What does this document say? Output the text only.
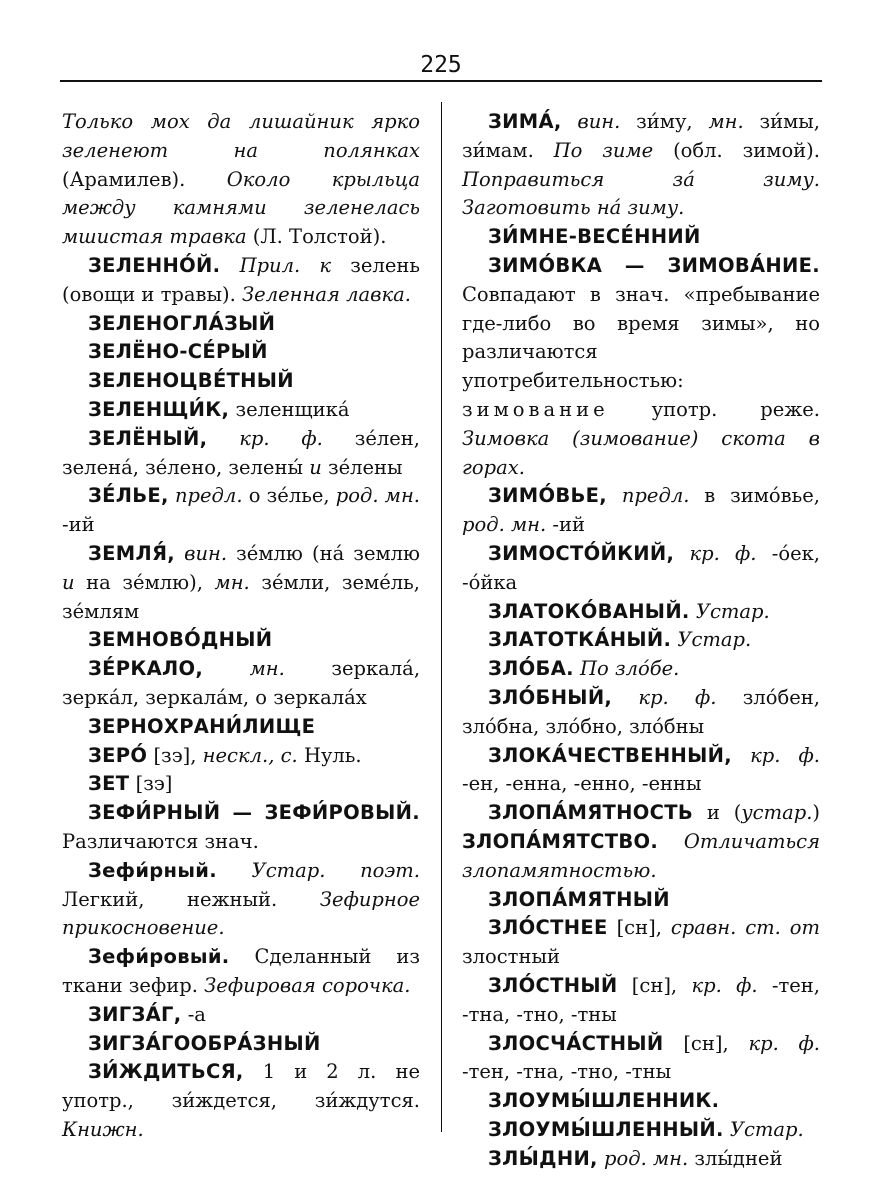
225

Только мох да лишайник ярко зеленеют на полянках (Арамилев). Около крыльца между камнями зеленелась мшистая травка (Л. Толстой).

ЗЕЛЕННО́Й. Прил. к зелень (овощи и травы). Зеленная лавка.

ЗЕЛЕНОГЛА́ЗЫЙ

ЗЕЛЁНО-СЕ́РЫЙ

ЗЕЛЕНОЦВЕ́ТНЫЙ

ЗЕЛЕНЩИ́К, зеленщика́

ЗЕЛЁНЫЙ, кр. ф. зе́лен, зелена́, зе́лено, зелены́ и зе́лены

ЗЕ́ЛЬЕ, предл. о зе́лье, род. мн. -ий

ЗЕМЛЯ́, вин. зе́млю (на́ землю и на зе́млю), мн. зе́мли, земе́ль, зе́млям

ЗЕМНОВО́ДНЫЙ

ЗЕ́РКАЛО, мн. зеркала́, зерка́л, зеркала́м, о зеркала́х

ЗЕРНОХРАНИ́ЛИЩЕ

ЗЕРО́ [зэ], нескл., с. Нуль.

ЗЕТ [зэ]

ЗЕФИ́РНЫЙ — ЗЕФИ́РОВЫЙ. Различаются знач.

Зефи́рный. Устар. поэт. Легкий, нежный. Зефирное прикосновение.

Зефи́ровый. Сделанный из ткани зефир. Зефировая сорочка.

ЗИГЗА́Г, -а

ЗИГЗА́ГООБРА́ЗНЫЙ

ЗИ́ЖДИТЬСЯ, 1 и 2 л. не употр., зи́ждется, зи́ждутся. Книжн.

ЗИМА́, вин. зи́му, мн. зи́мы, зи́мам. По зиме (обл. зимой). Поправиться за́ зиму. Заготовить на́ зиму.

ЗИ́МНЕ-ВЕСЕ́ННИЙ

ЗИМО́ВКА — ЗИМОВА́НИЕ. Совпадают в знач. «пребывание где-либо во время зимы», но различаются употребительностью: зимование употр. реже. Зимовка (зимование) скота в горах.

ЗИМО́ВЬЕ, предл. в зимо́вье, род. мн. -ий

ЗИМОСТО́ЙКИЙ, кр. ф. -о́ек, -о́йка

ЗЛАТОКО́ВАНЫЙ. Устар.

ЗЛАТОТКА́НЫЙ. Устар.

ЗЛО́БА. По зло́бе.

ЗЛО́БНЫЙ, кр. ф. зло́бен, зло́бна, зло́бно, зло́бны

ЗЛОКА́ЧЕСТВЕННЫЙ, кр. ф. -ен, -енна, -енно, -енны

ЗЛОПА́МЯТНОСТЬ и (устар.) ЗЛОПА́МЯТСТВО. Отличаться злопамятностью.

ЗЛОПА́МЯТНЫЙ

ЗЛО́СТНЕЕ [сн], сравн. ст. от злостный

ЗЛО́СТНЫЙ [сн], кр. ф. -тен, -тна, -тно, -тны

ЗЛОСЧА́СТНЫЙ [сн], кр. ф. -тен, -тна, -тно, -тны

ЗЛОУМЫ́ШЛЕННИК.

ЗЛОУМЫ́ШЛЕННЫЙ. Устар.

ЗЛЫ́ДНИ, род. мн. злы́дней
